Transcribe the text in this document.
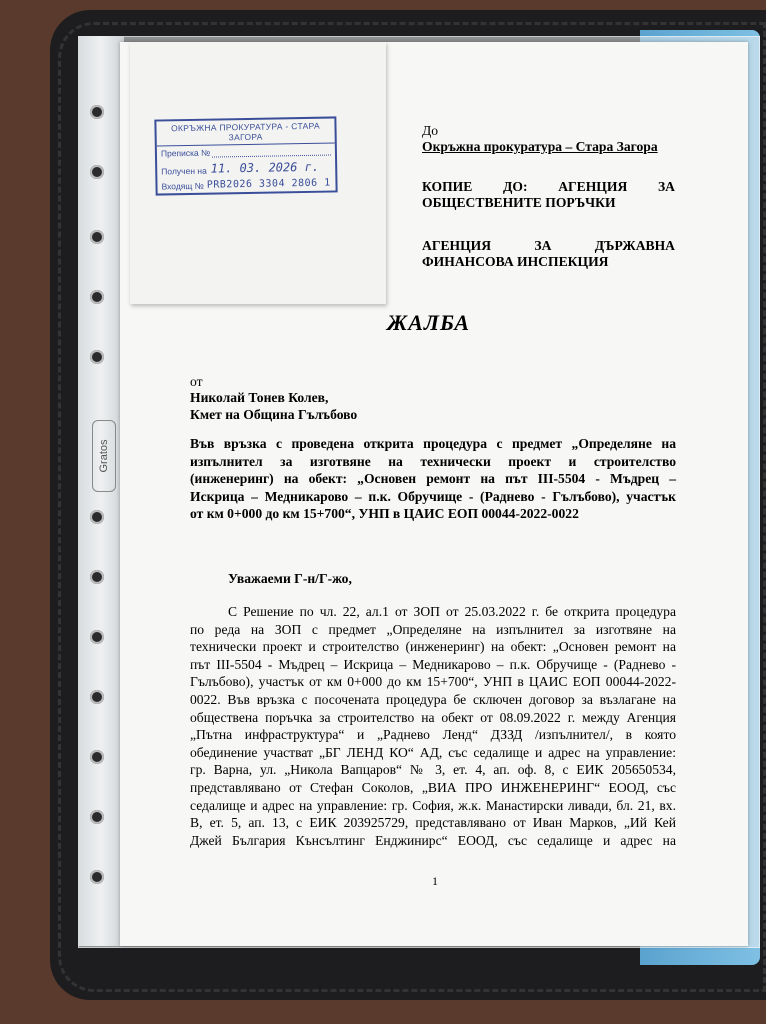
Gratos
ОКРЪЖНА ПРОКУРАТУРА - СТАРА ЗАГОРА
Преписка №
Получен на 11. 03. 2026 г.
Входящ № PRB2026 3304 2806 1
До
Окръжна прокуратура – Стара Загора
КОПИЕ ДО: АГЕНЦИЯ ЗА
ОБЩЕСТВЕНИТЕ ПОРЪЧКИ
АГЕНЦИЯ ЗА ДЪРЖАВНА
ФИНАНСОВА ИНСПЕКЦИЯ
ЖАЛБА
от
Николай Тонев Колев,
Кмет на Община Гълъбово
Във връзка с проведена открита процедура с предмет „Определяне на
изпълнител за изготвяне на технически проект и строителство
(инженеринг) на обект: „Основен ремонт на път III-5504 - Мъдрец –
Искрица – Медникарово – п.к. Обручище - (Раднево - Гълъбово), участък
от км 0+000 до км 15+700“, УНП в ЦАИС ЕОП 00044-2022-0022
Уважаеми Г-н/Г-жо,
С Решение по чл. 22, ал.1 от ЗОП от 25.03.2022 г. бе открита процедура
по реда на ЗОП с предмет „Определяне на изпълнител за изготвяне на
технически проект и строителство (инженеринг) на обект: „Основен ремонт на
път III-5504 - Мъдрец – Искрица – Медникарово – п.к. Обручище - (Раднево -
Гълъбово), участък от км 0+000 до км 15+700“, УНП в ЦАИС ЕОП 00044-2022-
0022. Във връзка с посочената процедура бе сключен договор за възлагане на
обществена поръчка за строителство на обект от 08.09.2022 г. между Агенция
„Пътна инфраструктура“ и „Раднево Ленд“ ДЗЗД /изпълнител/, в която
обединение участват „БГ ЛЕНД КО“ АД, със седалище и адрес на управление:
гр. Варна, ул. „Никола Вапцаров“ № 3, ет. 4, ап. оф. 8, с ЕИК 205650534,
представлявано от Стефан Соколов, „ВИА ПРО ИНЖЕНЕРИНГ“ ЕООД, със
седалище и адрес на управление: гр. София, ж.к. Манастирски ливади, бл. 21, вх.
В, ет. 5, ап. 13, с ЕИК 203925729, представлявано от Иван Марков, „Ий Кей
Джей България Кънсълтинг Енджинирс“ ЕООД, със седалище и адрес на
1
